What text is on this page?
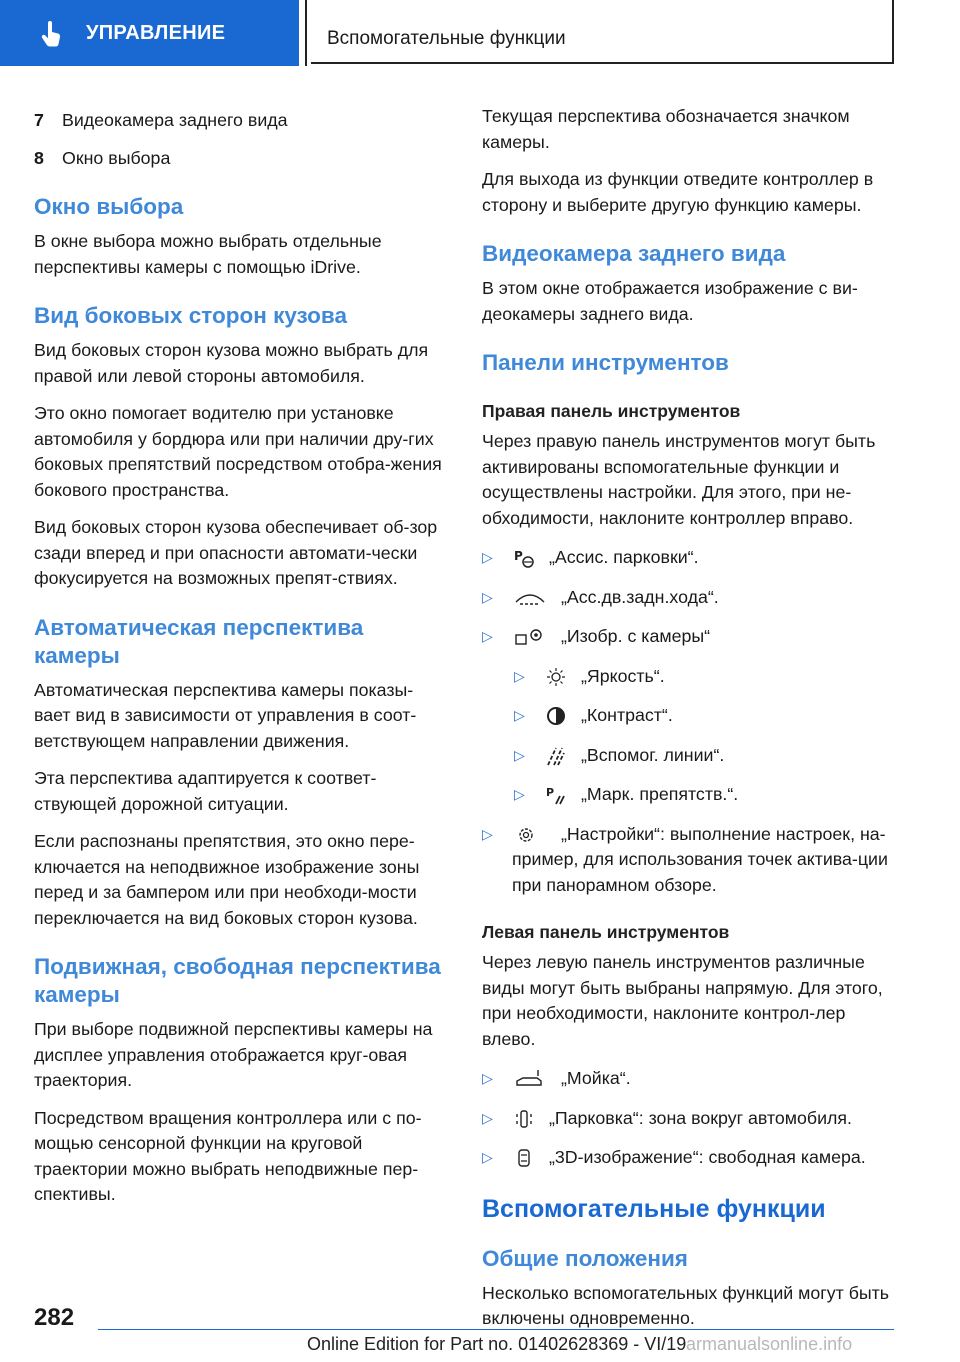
УПРАВЛЕНИЕ	Вспомогательные функции
7 Видеокамера заднего вида
8 Окно выбора
Окно выбора

В окне выбора можно выбрать отдельные перспективы камеры с помощью iDrive.

Вид боковых сторон кузова

Вид боковых сторон кузова можно выбрать для правой или левой стороны автомобиля.

Это окно помогает водителю при установке автомобиля у бордюра или при наличии дру‐гих боковых препятствий посредством отобра‐жения бокового пространства.

Вид боковых сторон кузова обеспечивает об‐зор сзади вперед и при опасности автомати‐чески фокусируется на возможных препят‐ствиях.

Автоматическая перспектива камеры

Автоматическая перспектива камеры показы‐вает вид в зависимости от управления в соот‐ветствующем направлении движения.

Эта перспектива адаптируется к соответ‐ствующей дорожной ситуации.

Если распознаны препятствия, это окно пере‐ключается на неподвижное изображение зоны перед и за бампером или при необходи‐мости переключается на вид боковых сторон кузова.

Подвижная, свободная перспектива камеры

При выборе подвижной перспективы камеры на дисплее управления отображается круг‐овая траектория.

Посредством вращения контроллера или с по‐мощью сенсорной функции на круговой траектории можно выбрать неподвижные пер‐спективы.

Текущая перспектива обозначается значком камеры.

Для выхода из функции отведите контроллер в сторону и выберите другую функцию камеры.

Видеокамера заднего вида

В этом окне отображается изображение с ви‐деокамеры заднего вида.

Панели инструментов
Правая панель инструментов

Через правую панель инструментов могут быть активированы вспомогательные функции и осуществлены настройки. Для этого, при не‐обходимости, наклоните контроллер вправо.

▷ P „Ассис. парковки“.
▷	„Асс.дв.задн.хода“.
▷	„Изобр. с камеры“
▷	„Яркость“.
▷	„Контраст“.
▷	„Вспомог. линии“.
▷ P „Марк. препятств.“.
▷	„Настройки“: выполнение настроек, на‐пример, для использования точек актива‐ции при панорамном обзоре.
Левая панель инструментов

Через левую панель инструментов различные виды могут быть выбраны напрямую. Для этого, при необходимости, наклоните контрол‐лер влево.

▷	„Мойка“.
▷	„Парковка“: зона вокруг автомобиля.
▷	„3D-изображение“: свободная камера.
Вспомогательные функции
Общие положения

Несколько вспомогательных функций могут быть включены одновременно.

282
Online Edition for Part no. 01402628369 - VI/19 armanualsonline.info
